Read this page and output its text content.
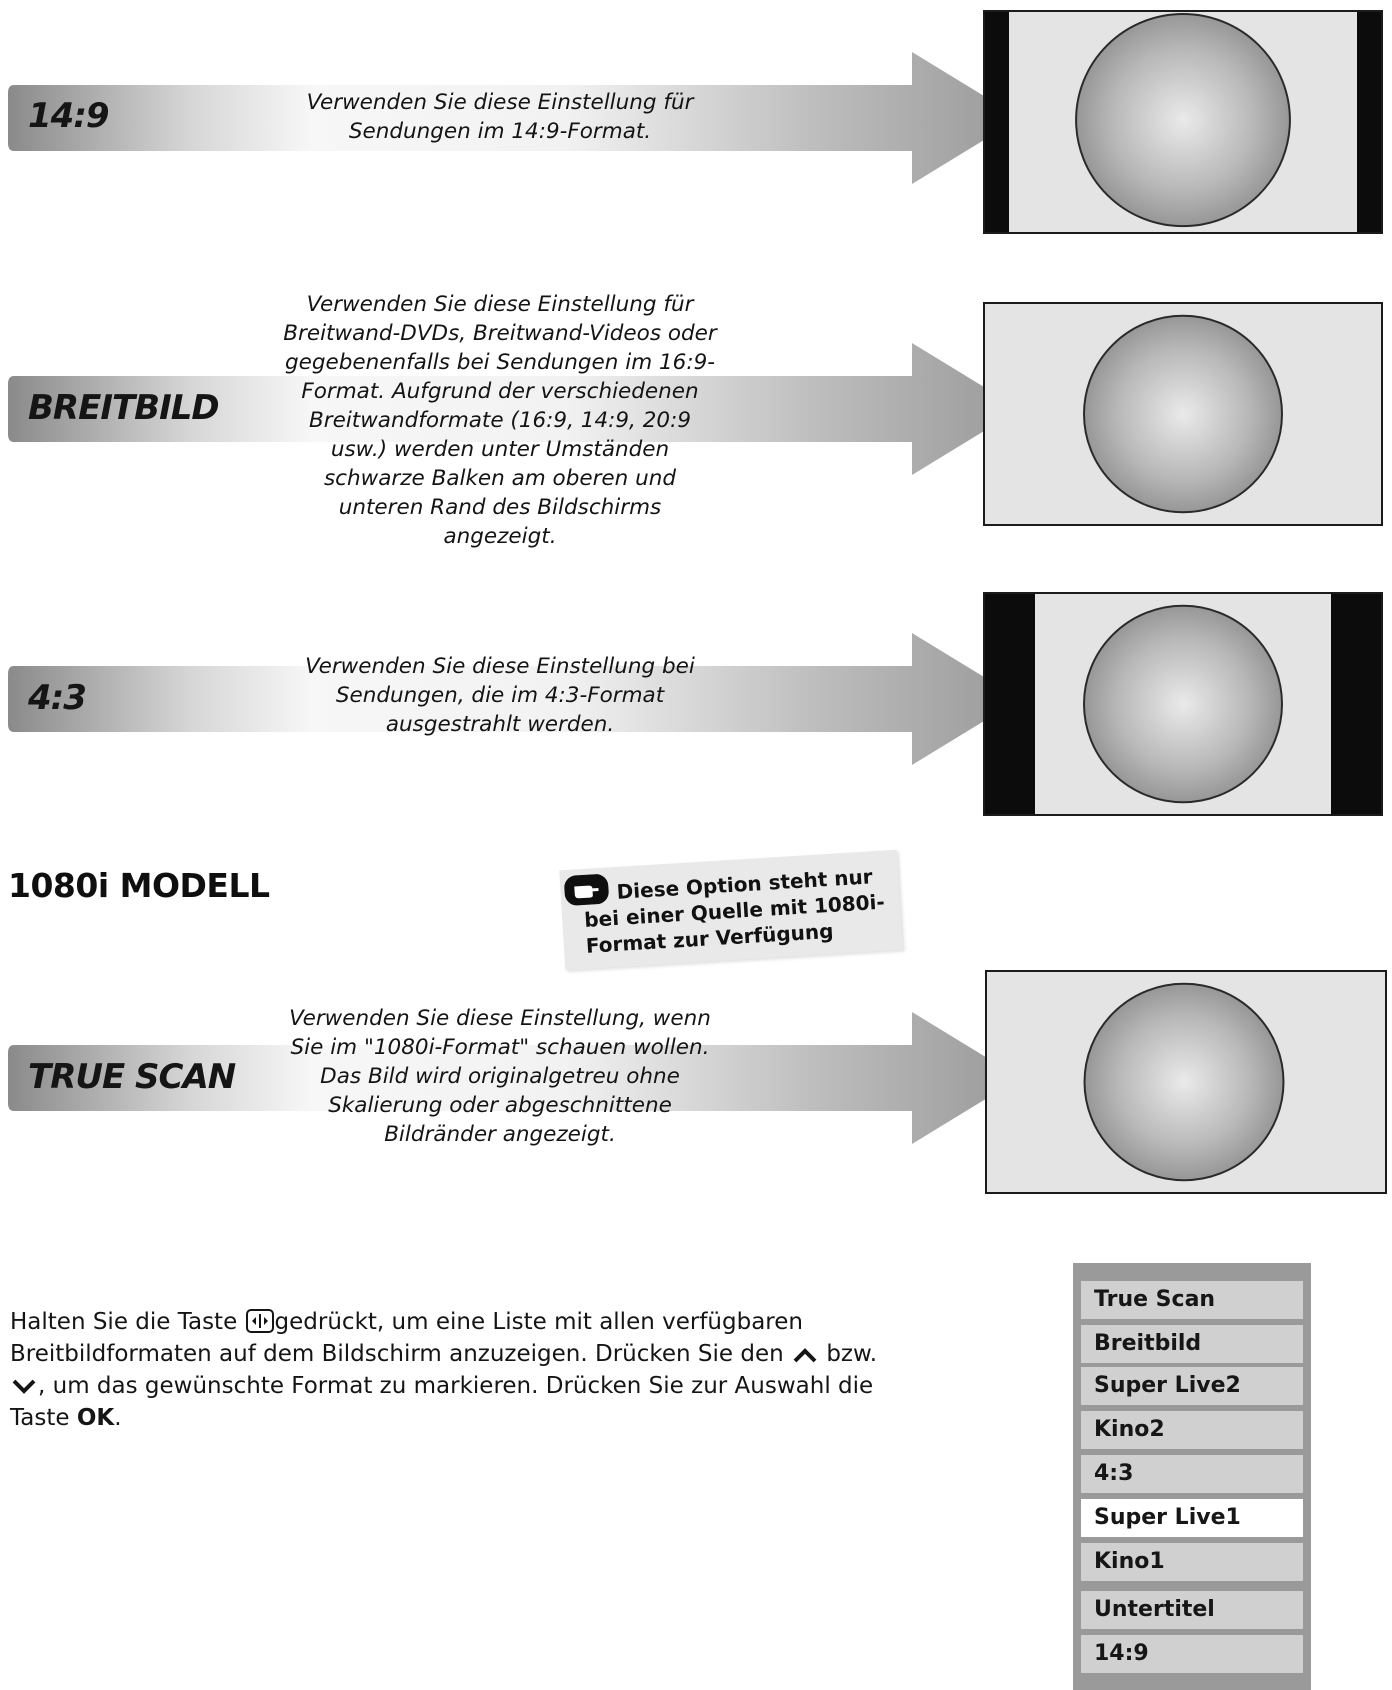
14:9	Verwenden Sie diese Einstellung für
Sendungen im 14:9-Format.
BREITBILD
Verwenden Sie diese Einstellung für
Breitwand-DVDs, Breitwand-Videos oder
gegebenenfalls bei Sendungen im 16:9-
Format. Aufgrund der verschiedenen
Breitwandformate (16:9, 14:9, 20:9
usw.) werden unter Umständen
schwarze Balken am oberen und
unteren Rand des Bildschirms angezeigt.
4:3
Verwenden Sie diese Einstellung bei
Sendungen, die im 4:3-Format
ausgestrahlt werden.
1080i MODELL	Diese Option steht nur bei einer Quelle mit 1080i-Format zur Verfügung
TRUE SCAN
Verwenden Sie diese Einstellung, wenn
Sie im "1080i-Format" schauen wollen.
Das Bild wird originalgetreu ohne
Skalierung oder abgeschnittene
Bildränder angezeigt.
Halten Sie die Taste
gedrückt, um eine Liste mit allen verfügbaren Breitbildformaten auf dem Bildschirm anzuzeigen. Drücken Sie den  bzw. , um das gewünschte Format zu markieren. Drücken Sie zur Auswahl die Taste OK.
True Scan
Breitbild
Super Live2
Kino2
4:3
Super Live1
Kino1
Untertitel
14:9
